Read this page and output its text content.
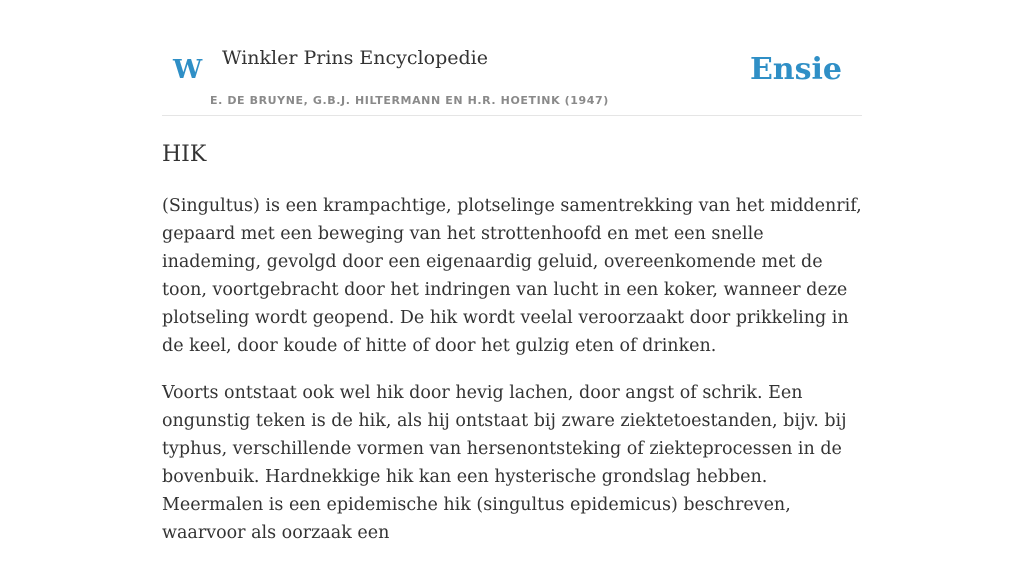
W Winkler Prins Encyclopedie
E. DE BRUYNE, G.B.J. HILTERMANN EN H.R. HOETINK (1947)
Ensie
HIK

(Singultus) is een krampachtige, plotselinge samentrekking van het middenrif, gepaard met een beweging van het strottenhoofd en met een snelle inademing, gevolgd door een eigenaardig geluid, overeenkomende met de toon, voortgebracht door het indringen van lucht in een koker, wanneer deze plotseling wordt geopend. De hik wordt veelal veroorzaakt door prikkeling in de keel, door koude of hitte of door het gulzig eten of drinken.

Voorts ontstaat ook wel hik door hevig lachen, door angst of schrik. Een ongunstig teken is de hik, als hij ontstaat bij zware ziektetoestanden, bijv. bij typhus, verschillende vormen van hersenontsteking of ziekteprocessen in de bovenbuik. Hardnekkige hik kan een hysterische grondslag hebben. Meermalen is een epidemische hik (singultus epidemicus) beschreven, waarvoor als oorzaak een
